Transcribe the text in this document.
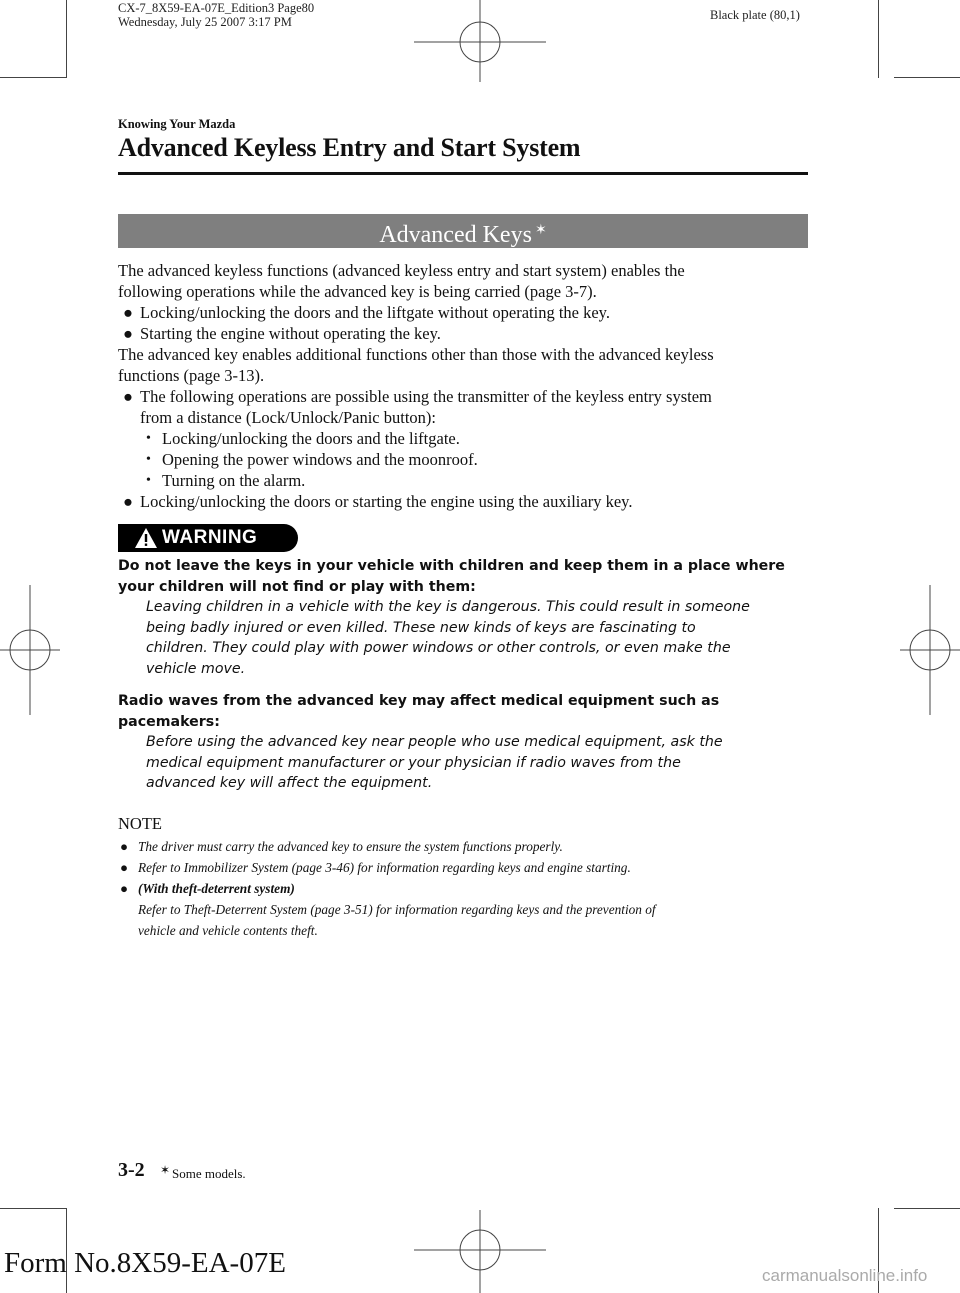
CX-7_8X59-EA-07E_Edition3 Page80
Wednesday, July 25 2007 3:17 PM	Black plate (80,1)
Knowing Your Mazda
Advanced Keyless Entry and Start System
Advanced Keys ✶

The advanced keyless functions (advanced keyless entry and start system) enables the

following operations while the advanced key is being carried (page 3-7).

● Locking/unlocking the doors and the liftgate without operating the key.
● Starting the engine without operating the key.

The advanced key enables additional functions other than those with the advanced keyless

functions (page 3-13).

● The following operations are possible using the transmitter of the keyless entry system
from a distance (Lock/Unlock/Panic button):
• Locking/unlocking the doors and the liftgate.
• Opening the power windows and the moonroof.
• Turning on the alarm.
● Locking/unlocking the doors or starting the engine using the auxiliary key.
WARNING
Do not leave the keys in your vehicle with children and keep them in a place where
your children will not find or play with them:
Leaving children in a vehicle with the key is dangerous. This could result in someone
being badly injured or even killed. These new kinds of keys are fascinating to
children. They could play with power windows or other controls, or even make the
vehicle move.
Radio waves from the advanced key may affect medical equipment such as
pacemakers:
Before using the advanced key near people who use medical equipment, ask the
medical equipment manufacturer or your physician if radio waves from the
advanced key will affect the equipment.
NOTE
● The driver must carry the advanced key to ensure the system functions properly.
● Refer to Immobilizer System (page 3-46) for information regarding keys and engine starting.
● (With theft-deterrent system)
Refer to Theft-Deterrent System (page 3-51) for information regarding keys and the prevention of
vehicle and vehicle contents theft.
3-2 ✶ Some models.
Form No.8X59-EA-07E	carmanualsonline.info
